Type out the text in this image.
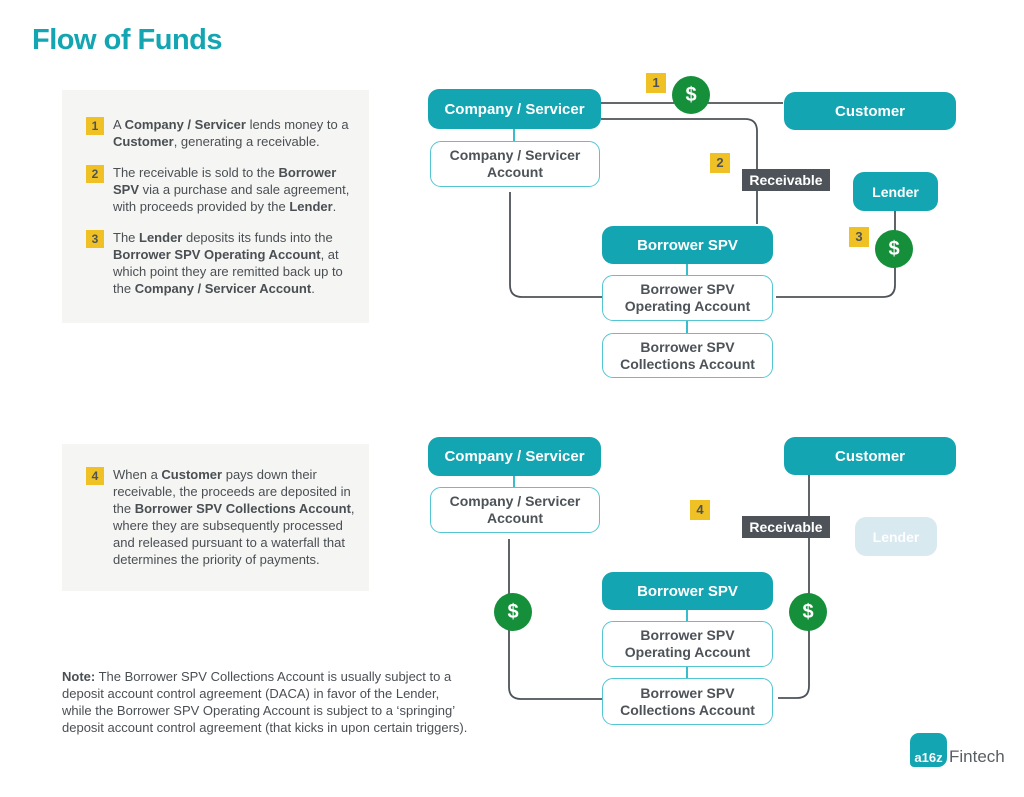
Flow of Funds
1	A Company / Servicer lends money to a Customer, generating a receivable.
2	The receivable is sold to the Borrower SPV via a purchase and sale agreement, with proceeds provided by the Lender.
3	The Lender deposits its funds into the Borrower SPV Operating Account, at which point they are remitted back up to the Company / Servicer Account.
4	When a Customer pays down their receivable, the proceeds are deposited in the Borrower SPV Collections Account, where they are subsequently processed and released pursuant to a waterfall that determines the priority of payments.
Note: The Borrower SPV Collections Account is usually subject to a deposit account control agreement (DACA) in favor of the Lender, while the Borrower SPV Operating Account is subject to a ‘springing’ deposit account control agreement (that kicks in upon certain triggers).
Company / Servicer
Company / Servicer Account
Customer
Lender
Borrower SPV
Borrower SPV Operating Account
Borrower SPV Collections Account
Receivable
1
2
3
$
$
Company / Servicer
Company / Servicer Account
Customer
Lender
Borrower SPV
Borrower SPV Operating Account
Borrower SPV Collections Account
Receivable
4
$	$
a16z Fintech
